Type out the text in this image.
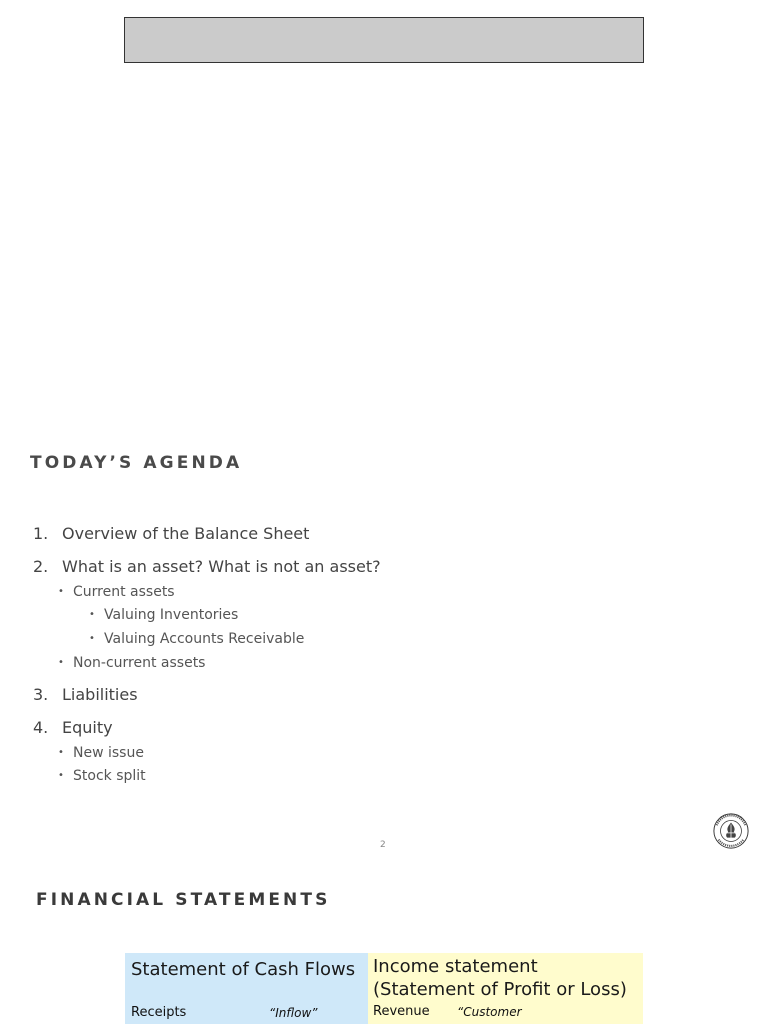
TODAY’S AGENDA
1. Overview of the Balance Sheet
2. What is an asset? What is not an asset?
• Current assets
• Valuing Inventories
• Valuing Accounts Receivable
• Non-current assets
3. Liabilities
4. Equity
• New issue
• Stock split
2
FINANCIAL STATEMENTS
Statement of Cash Flows
Receipts	“Inflow”
Income statement
(Statement of Profit or Loss)
Revenue “Customer
